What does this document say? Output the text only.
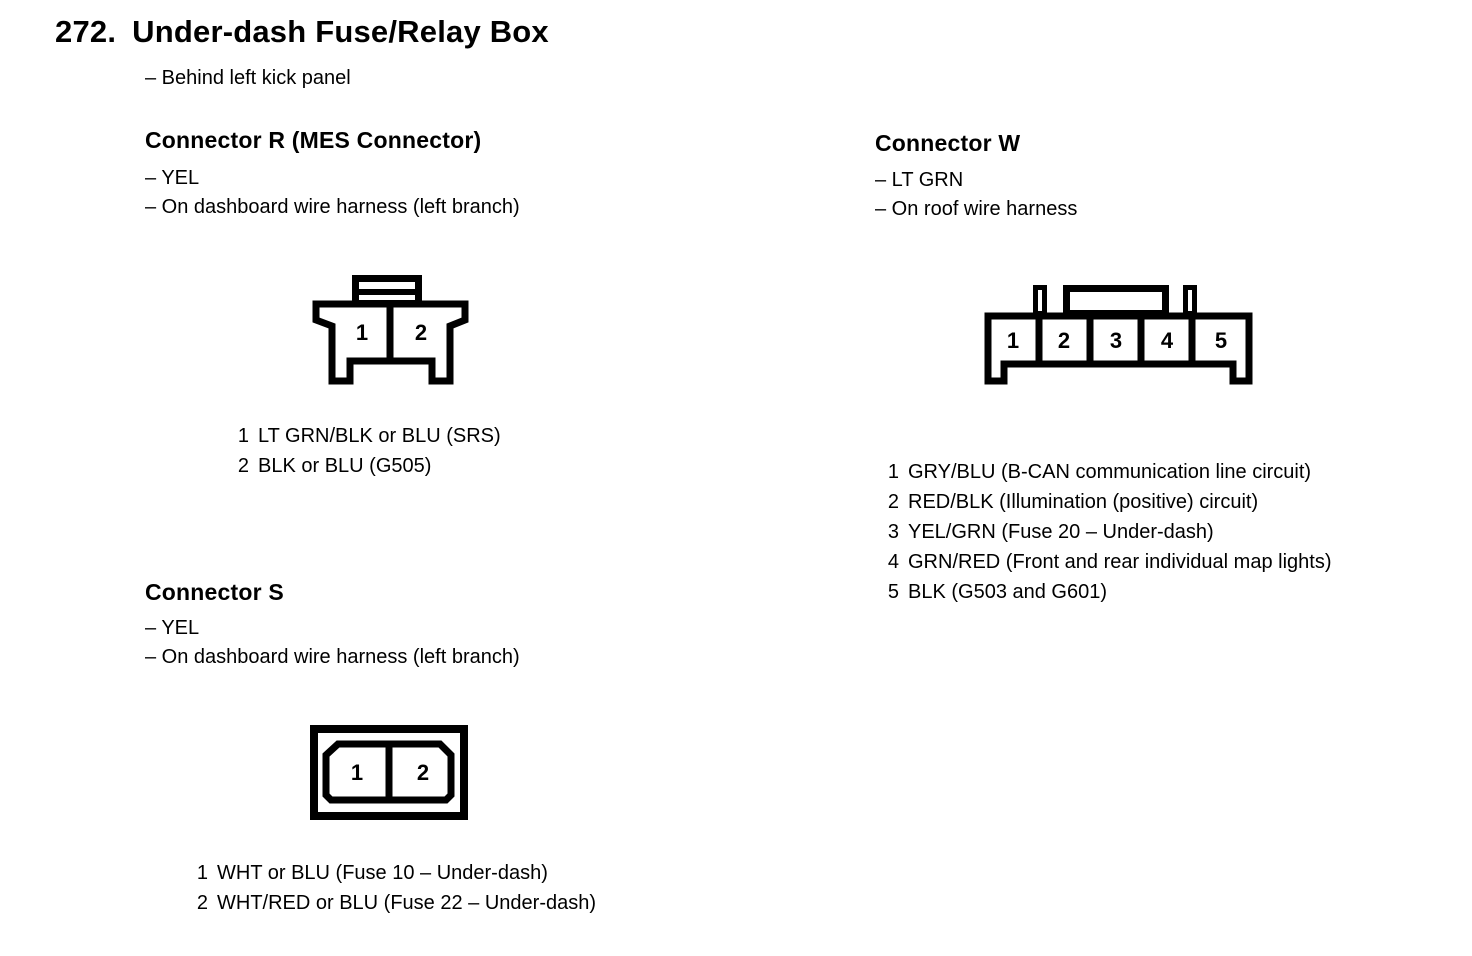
272. Under-dash Fuse/Relay Box
– Behind left kick panel
Connector R (MES Connector)
– YEL
– On dashboard wire harness (left branch)
1 2
1 LT GRN/BLK or BLU (SRS)
2 BLK or BLU (G505)
Connector S
– YEL
– On dashboard wire harness (left branch)
1 2
1 WHT or BLU (Fuse 10 – Under-dash)
2 WHT/RED or BLU (Fuse 22 – Under-dash)
Connector W
– LT GRN
– On roof wire harness
1 2 3 4 5
1 GRY/BLU (B-CAN communication line circuit)
2 RED/BLK (Illumination (positive) circuit)
3 YEL/GRN (Fuse 20 – Under-dash)
4 GRN/RED (Front and rear individual map lights)
5 BLK (G503 and G601)
